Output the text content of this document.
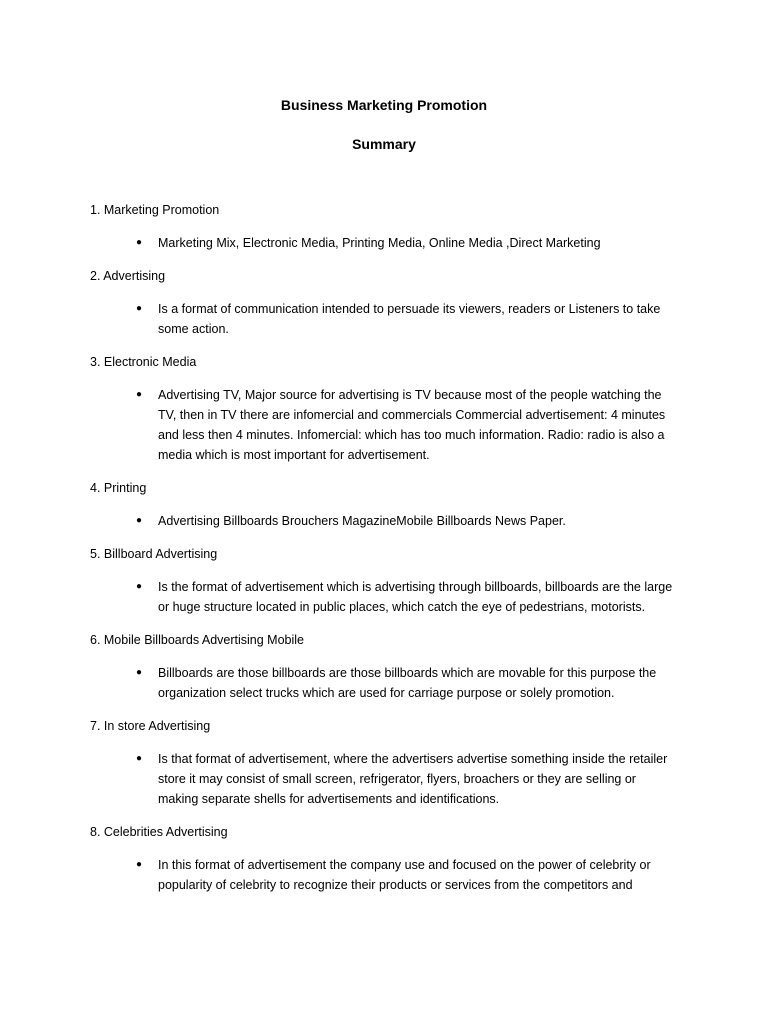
Business Marketing Promotion
Summary
1. Marketing Promotion
●	Marketing Mix, Electronic Media, Printing Media, Online Media ,Direct Marketing
2. Advertising
●	Is a format of communication intended to persuade its viewers, readers or Listeners to take some action.
3. Electronic Media
●	Advertising TV, Major source for advertising is TV because most of the people watching the TV, then in TV there are infomercial and commercials Commercial advertisement: 4 minutes and less then 4 minutes. Infomercial: which has too much information. Radio: radio is also a media which is most important for advertisement.
4. Printing
●	Advertising Billboards Brouchers MagazineMobile Billboards News Paper.
5. Billboard Advertising
●	Is the format of advertisement which is advertising through billboards, billboards are the large or huge structure located in public places, which catch the eye of pedestrians, motorists.
6. Mobile Billboards Advertising Mobile
●	Billboards are those billboards are those billboards which are movable for this purpose the organization select trucks which are used for carriage purpose or solely promotion.
7. In store Advertising
●	Is that format of advertisement, where the advertisers advertise something inside the retailer store it may consist of small screen, refrigerator, flyers, broachers or they are selling or making separate shells for advertisements and identifications.
8. Celebrities Advertising
●	In this format of advertisement the company use and focused on the power of celebrity or popularity of celebrity to recognize their products or services from the competitors and
